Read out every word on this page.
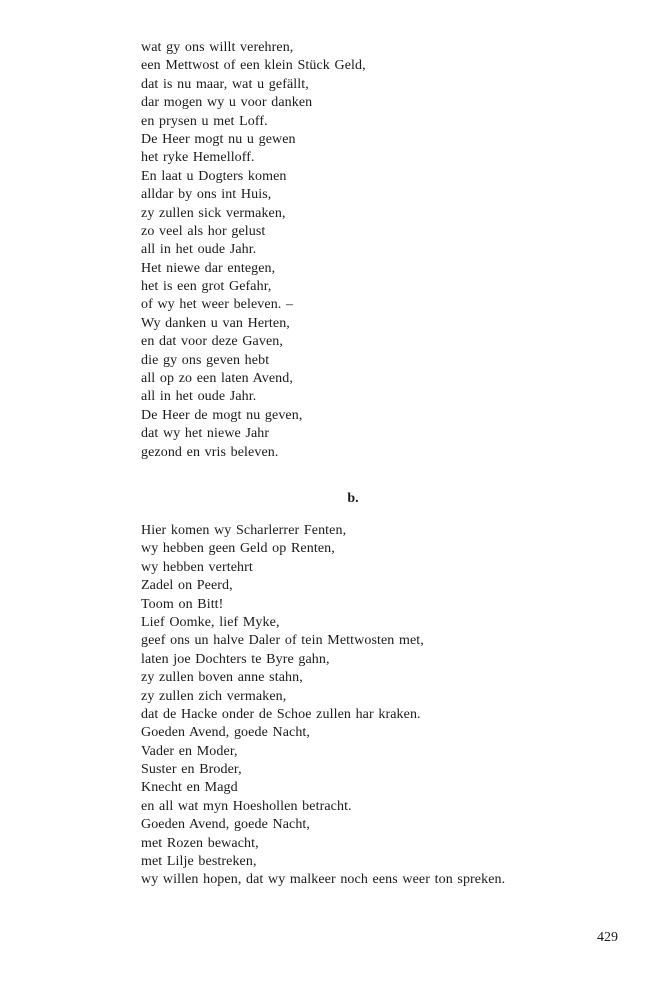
wat gy ons willt verehren,
een Mettwost of een klein Stück Geld,
dat is nu maar, wat u gefällt,
dar mogen wy u voor danken
en prysen u met Loff.
De Heer mogt nu u gewen
het ryke Hemelloff.
En laat u Dogters komen
alldar by ons int Huis,
zy zullen sick vermaken,
zo veel als hor gelust
all in het oude Jahr.
Het niewe dar entegen,
het is een grot Gefahr,
of wy het weer beleven. –
Wy danken u van Herten,
en dat voor deze Gaven,
die gy ons geven hebt
all op zo een laten Avend,
all in het oude Jahr.
De Heer de mogt nu geven,
dat wy het niewe Jahr
gezond en vris beleven.
b.
Hier komen wy Scharlerrer Fenten,
wy hebben geen Geld op Renten,
wy hebben vertehrt
Zadel on Peerd,
Toom on Bitt!
Lief Oomke, lief Myke,
geef ons un halve Daler of tein Mettwosten met,
laten joe Dochters te Byre gahn,
zy zullen boven anne stahn,
zy zullen zich vermaken,
dat de Hacke onder de Schoe zullen har kraken.
Goeden Avend, goede Nacht,
Vader en Moder,
Suster en Broder,
Knecht en Magd
en all wat myn Hoeshollen betracht.
Goeden Avend, goede Nacht,
met Rozen bewacht,
met Lilje bestreken,
wy willen hopen, dat wy malkeer noch eens weer ton spreken.
429
